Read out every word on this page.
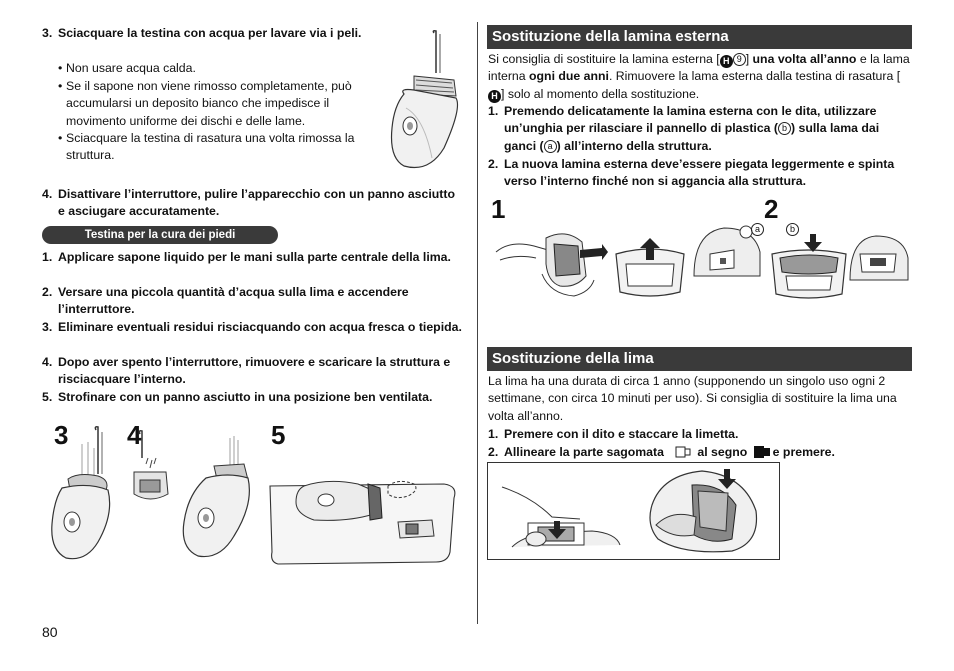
3. Sciacquare la testina con acqua per lavare via i peli.
• Non usare acqua calda.
• Se il sapone non viene rimosso completamente, può accumularsi un deposito bianco che impedisce il movimento uniforme dei dischi e delle lame.
• Sciacquare la testina di rasatura una volta rimossa la struttura.
4. Disattivare l’interruttore, pulire l’apparecchio con un panno asciutto e asciugare accuratamente.
Testina per la cura dei piedi
1. Applicare sapone liquido per le mani sulla parte centrale della lima.
2. Versare una piccola quantità d’acqua sulla lima e accendere l’interruttore.
3. Eliminare eventuali residui risciacquando con acqua fresca o tiepida.
4. Dopo aver spento l’interruttore, rimuovere e scaricare la struttura e risciacquare l’interno.
5. Strofinare con un panno asciutto in una posizione ben ventilata.
3 4	5
80
Sostituzione della lamina esterna
Si consiglia di sostituire la lamina esterna [ H 9 ] una volta all’anno e la lama interna ogni due anni. Rimuovere la lama esterna dalla testina di rasatura [H ] solo al momento della sostituzione.
1. Premendo delicatamente la lamina esterna con le dita, utilizzare un’unghia per rilasciare il pannello di plastica ( b ) sulla lama dai ganci ( a ) all’interno della struttura.
2. La nuova lamina esterna deve’essere piegata leggermente e spinta verso l’interno finché non si aggancia alla struttura.
1	2
a	b
Sostituzione della lima
La lima ha una durata di circa 1 anno (supponendo un singolo uso ogni 2 settimane, con circa 10 minuti per uso). Si consiglia di sostituire la lima una volta all’anno.
1. Premere con il dito e staccare la limetta.
2. Allineare la parte sagomata	al segno e premere.
